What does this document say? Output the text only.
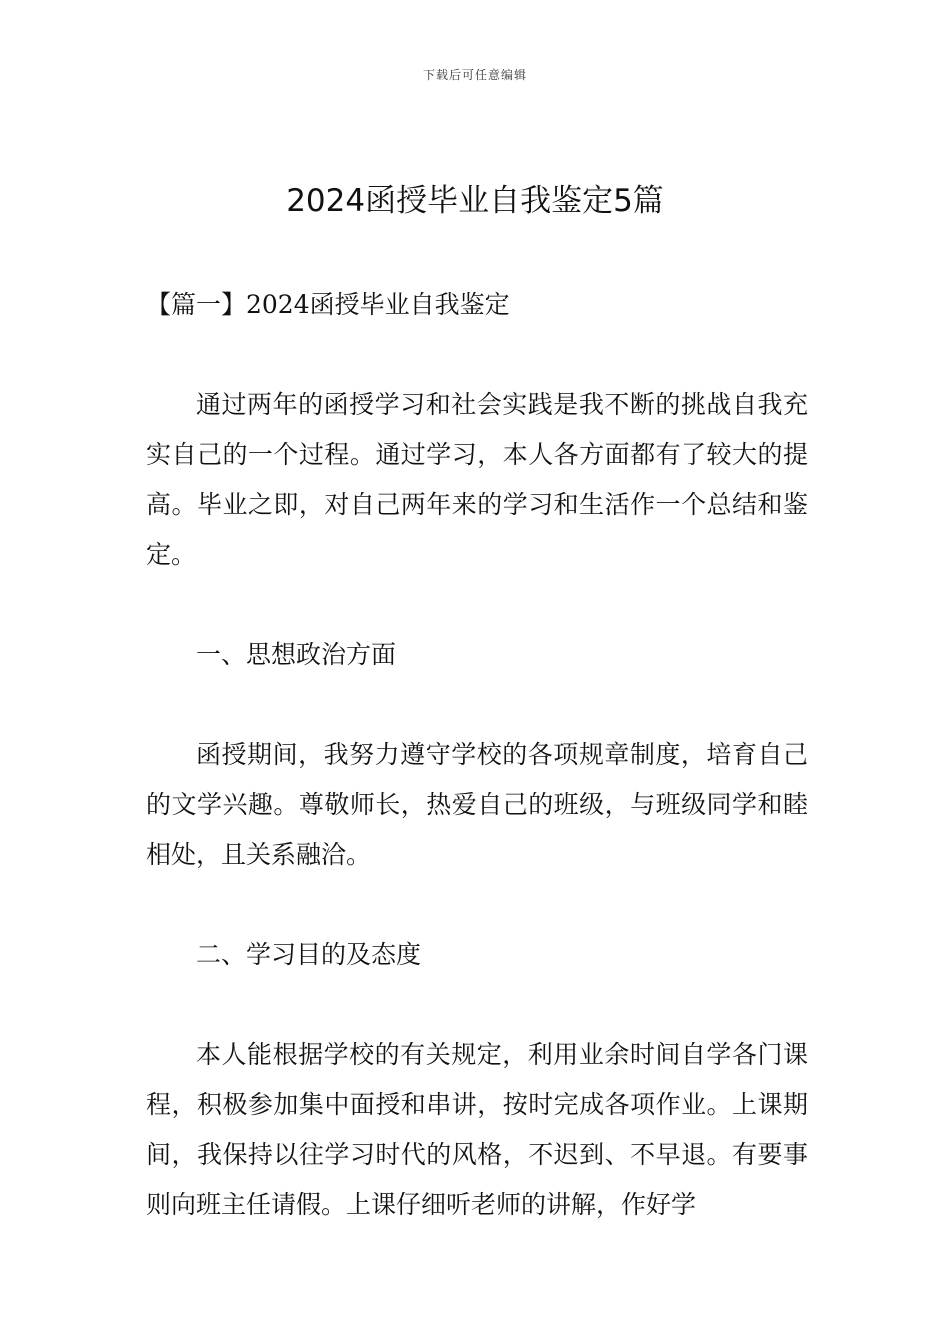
下载后可任意编辑
2024函授毕业自我鉴定5篇

【篇一】2024函授毕业自我鉴定

通过两年的函授学习和社会实践是我不断的挑战自我充实自己的一个过程。通过学习，本人各方面都有了较大的提高。毕业之即，对自己两年来的学习和生活作一个总结和鉴定。

一、思想政治方面

函授期间，我努力遵守学校的各项规章制度，培育自己的文学兴趣。尊敬师长，热爱自己的班级，与班级同学和睦相处，且关系融洽。

二、学习目的及态度

本人能根据学校的有关规定，利用业余时间自学各门课程，积极参加集中面授和串讲，按时完成各项作业。上课期间，我保持以往学习时代的风格，不迟到、不早退。有要事则向班主任请假。上课仔细听老师的讲解，作好学
